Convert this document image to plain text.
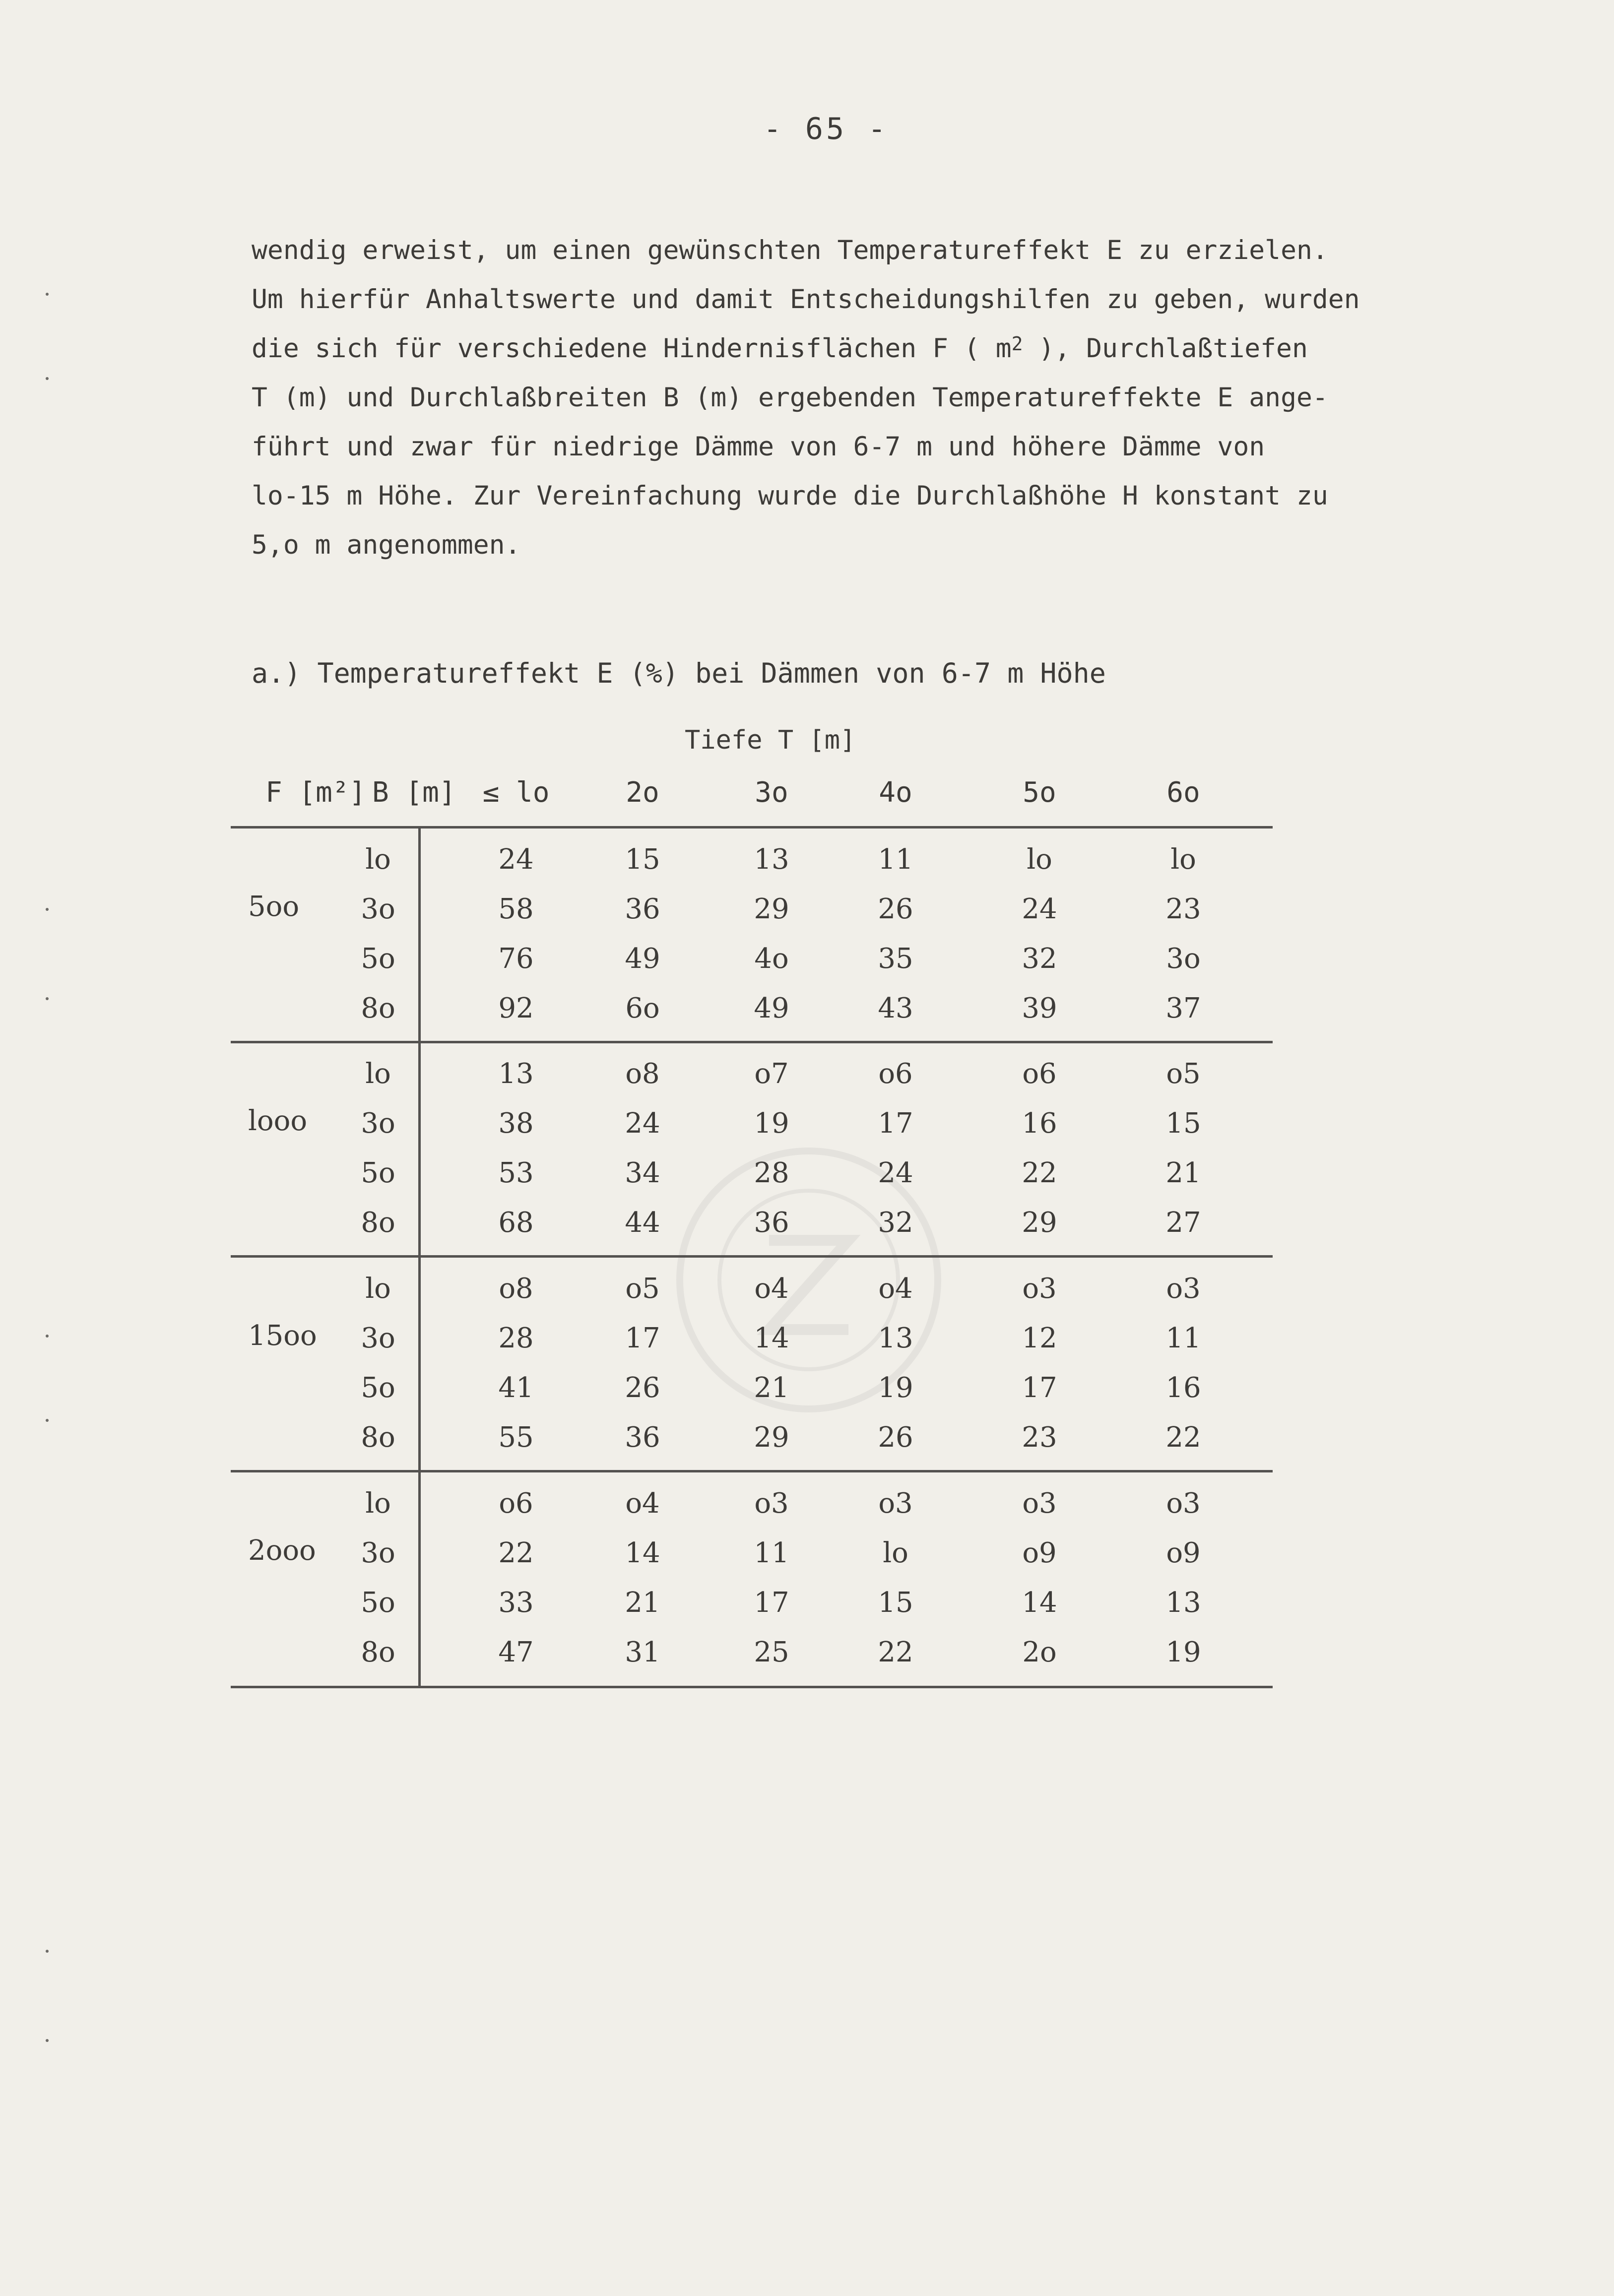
- 65 -
wendig erweist, um einen gewünschten Temperatureffekt E zu erzielen.
Um hierfür Anhaltswerte und damit Entscheidungshilfen zu geben, wurden
die sich für verschiedene Hindernisflächen F ( $m^2$ ), Durchlaßtiefen
T (m) und Durchlaßbreiten B (m) ergebenden Temperatureffekte E ange-
führt und zwar für niedrige Dämme von 6-7 m und höhere Dämme von
lo-15 m Höhe. Zur Vereinfachung wurde die Durchlaßhöhe H konstant zu
5,o m angenommen.
a.) Temperatureffekt E (%) bei Dämmen von 6-7 m Höhe
Tiefe T [m]
F [m²] B [m] ≤ lo	2o	3o	4o	5o	6o
5oo
lo	24	15	13	11	lo	lo
3o	58	36	29	26	24	23
5o	76	49	4o	35	32	3o
8o	92	6o	49	43	39	37
looo
lo	13	o8	o7	o6	o6	o5
3o	38	24	19	17	16	15
5o	53	34	28	24	22	21
8o	68	44	36	32	29	27
15oo
lo	o8	o5	o4	o4	o3	o3
3o	28	17	14	13	12	11
5o	41	26	21	19	17	16
8o	55	36	29	26	23	22
2ooo
lo	o6	o4	o3	o3	o3	o3
3o	22	14	11	lo	o9	o9
5o	33	21	17	15	14	13
8o	47	31	25	22	2o	19
